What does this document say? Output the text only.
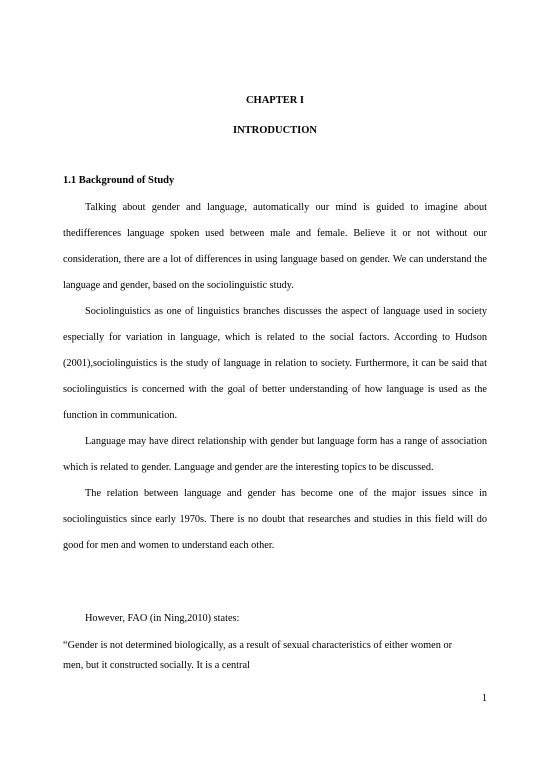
CHAPTER I
INTRODUCTION
1.1 Background of Study

Talking about gender and language, automatically our mind is guided to imagine about thedifferences language spoken used between male and female. Believe it or not without our consideration, there are a lot of differences in using language based on gender. We can understand the language and gender, based on the sociolinguistic study.

Sociolinguistics as one of linguistics branches discusses the aspect of language used in society especially for variation in language, which is related to the social factors. According to Hudson (2001),sociolinguistics is the study of language in relation to society. Furthermore, it can be said that sociolinguistics is concerned with the goal of better understanding of how language is used as the function in communication.

Language may have direct relationship with gender but language form has a range of association which is related to gender. Language and gender are the interesting topics to be discussed.

The relation between language and gender has become one of the major issues since in sociolinguistics since early 1970s. There is no doubt that researches and studies in this field will do good for men and women to understand each other.

However, FAO (in Ning,2010) states:
“Gender is not determined biologically, as a result of sexual characteristics of either women or men, but it constructed socially. It is a central
1
